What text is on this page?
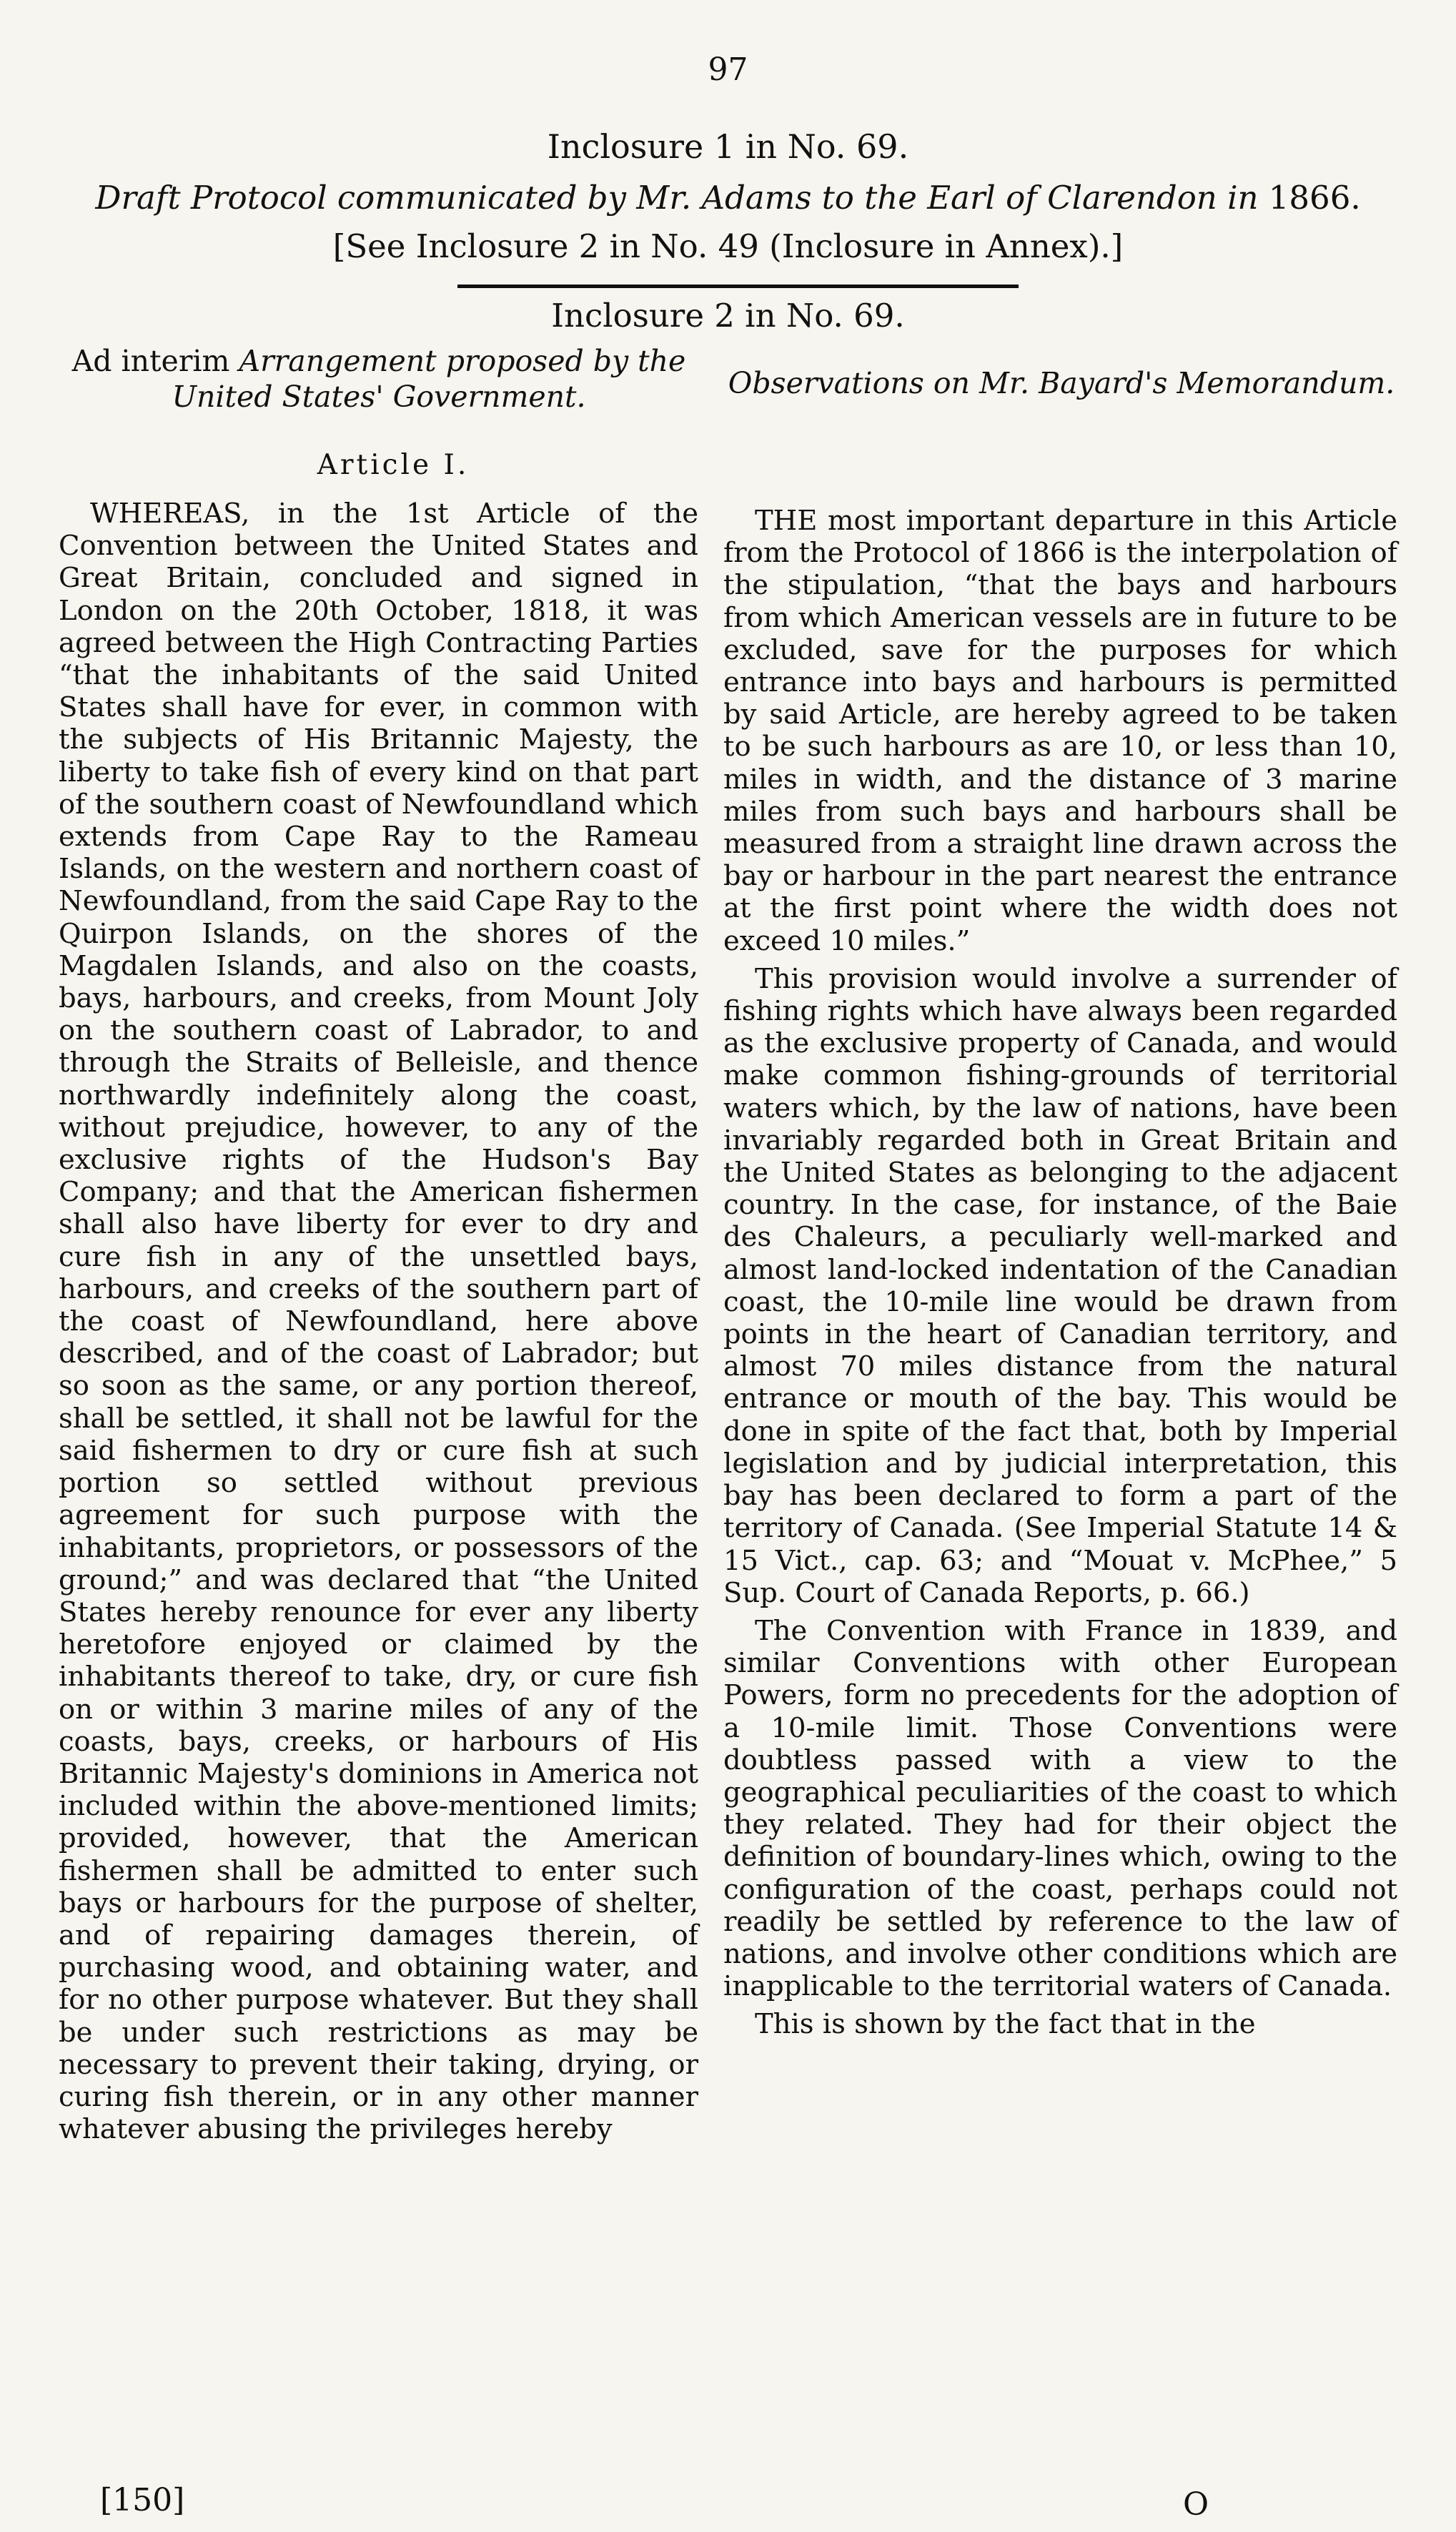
97
Inclosure 1 in No. 69.
Draft Protocol communicated by Mr. Adams to the Earl of Clarendon in 1866.
[See Inclosure 2 in No. 49 (Inclosure in Annex).]
Inclosure 2 in No. 69.
Ad interim Arrangement proposed by the United States' Government.	Observations on Mr. Bayard's Memorandum.
Article I.

WHEREAS, in the 1st Article of the Convention between the United States and Great Britain, concluded and signed in London on the 20th October, 1818, it was agreed between the High Contracting Parties “that the inhabitants of the said United States shall have for ever, in common with the subjects of His Britannic Majesty, the liberty to take fish of every kind on that part of the southern coast of Newfoundland which extends from Cape Ray to the Rameau Islands, on the western and northern coast of Newfoundland, from the said Cape Ray to the Quirpon Islands, on the shores of the Magdalen Islands, and also on the coasts, bays, harbours, and creeks, from Mount Joly on the southern coast of Labrador, to and through the Straits of Belleisle, and thence northwardly indefinitely along the coast, without prejudice, however, to any of the exclusive rights of the Hudson's Bay Company; and that the American fishermen shall also have liberty for ever to dry and cure fish in any of the unsettled bays, harbours, and creeks of the southern part of the coast of Newfoundland, here above described, and of the coast of Labrador; but so soon as the same, or any portion thereof, shall be settled, it shall not be lawful for the said fishermen to dry or cure fish at such portion so settled without previous agreement for such purpose with the inhabitants, proprietors, or possessors of the ground;” and was declared that “the United States hereby renounce for ever any liberty heretofore enjoyed or claimed by the inhabitants thereof to take, dry, or cure fish on or within 3 marine miles of any of the coasts, bays, creeks, or harbours of His Britannic Majesty's dominions in America not included within the above-mentioned limits; provided, however, that the American fishermen shall be admitted to enter such bays or harbours for the purpose of shelter, and of repairing damages therein, of purchasing wood, and obtaining water, and for no other purpose whatever. But they shall be under such restrictions as may be necessary to prevent their taking, drying, or curing fish therein, or in any other manner whatever abusing the privileges hereby

THE most important departure in this Article from the Protocol of 1866 is the interpolation of the stipulation, “that the bays and harbours from which American vessels are in future to be excluded, save for the purposes for which entrance into bays and harbours is permitted by said Article, are hereby agreed to be taken to be such harbours as are 10, or less than 10, miles in width, and the distance of 3 marine miles from such bays and harbours shall be measured from a straight line drawn across the bay or harbour in the part nearest the entrance at the first point where the width does not exceed 10 miles.”

This provision would involve a surrender of fishing rights which have always been regarded as the exclusive property of Canada, and would make common fishing-grounds of territorial waters which, by the law of nations, have been invariably regarded both in Great Britain and the United States as belonging to the adjacent country. In the case, for instance, of the Baie des Chaleurs, a peculiarly well-marked and almost land-locked indentation of the Canadian coast, the 10-mile line would be drawn from points in the heart of Canadian territory, and almost 70 miles distance from the natural entrance or mouth of the bay. This would be done in spite of the fact that, both by Imperial legislation and by judicial interpretation, this bay has been declared to form a part of the territory of Canada. (See Imperial Statute 14 & 15 Vict., cap. 63; and “Mouat v. McPhee,” 5 Sup. Court of Canada Reports, p. 66.)

The Convention with France in 1839, and similar Conventions with other European Powers, form no precedents for the adoption of a 10-mile limit. Those Conventions were doubtless passed with a view to the geographical peculiarities of the coast to which they related. They had for their object the definition of boundary-lines which, owing to the configuration of the coast, perhaps could not readily be settled by reference to the law of nations, and involve other conditions which are inapplicable to the territorial waters of Canada.

This is shown by the fact that in the

[150]	O
